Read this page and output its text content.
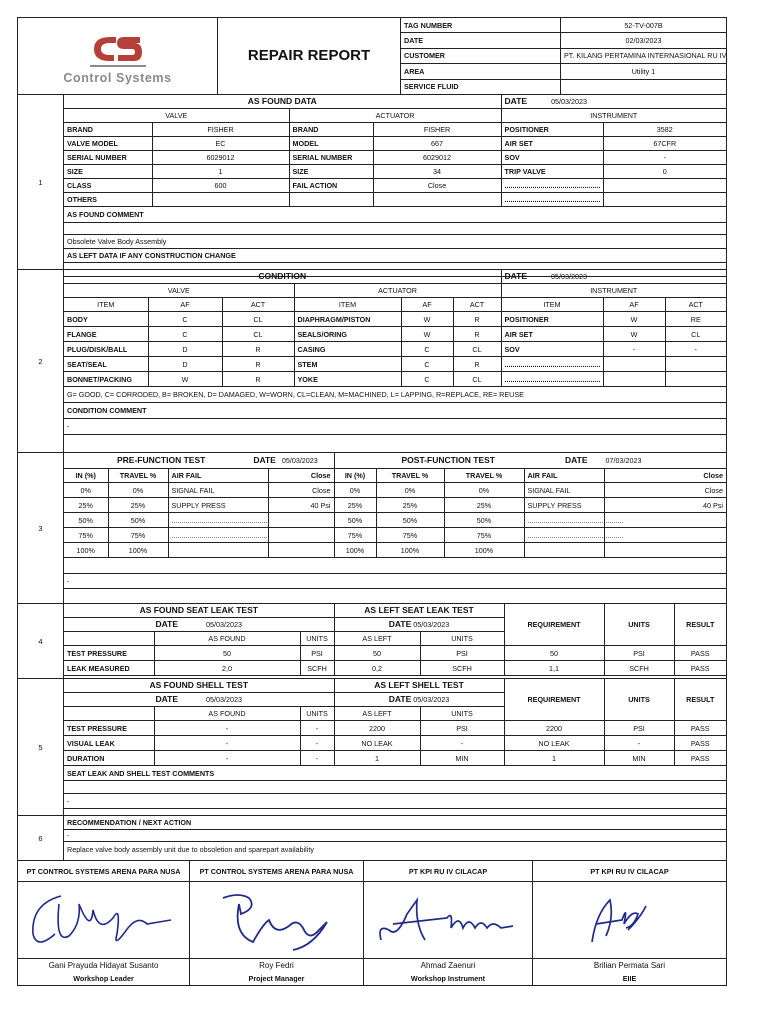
Control Systems	REPAIR REPORT	TAG NUMBER	52-TV-007B
		DATE	02/03/2023
		CUSTOMER	PT. KILANG PERTAMINA INTERNASIONAL RU IV
		AREA	Utility 1
		SERVICE FLUID	
1
AS FOUND DATA				DATE 05/03/2023	
VALVE		ACTUATOR		INSTRUMENT	
BRAND	FISHER	BRAND	FISHER	POSITIONER	3582
VALVE MODEL	EC	MODEL	667	AIR SET	67CFR
SERIAL NUMBER	6029012	SERIAL NUMBER	6029012	SOV	-
SIZE	1	SIZE	34	TRIP VALVE	0
CLASS	600	FAIL ACTION	Close	................................................	
OTHERS				................................................	
AS FOUND COMMENT

Obsolete Valve Body Assembly
AS LEFT DATA IF ANY CONSTRUCTION CHANGE
-

2
CONDITION						DATE 05/03/2023		
VALVE			ACTUATOR			INSTRUMENT		
ITEM	AF	ACT	ITEM	AF	ACT	ITEM	AF	ACT
BODY	C	CL	DIAPHRAGM/PISTON	W	R	POSITIONER	W	RE
FLANGE	C	CL	SEALS/ORING	W	R	AIR SET	W	CL
PLUG/DISK/BALL	D	R	CASING	C	CL	SOV	-	-
SEAT/SEAL	D	R	STEM	C	R	................................................		
BONNET/PACKING	W	R	YOKE	C	CL	................................................		
G= GOOD, C= CORRODED, B= BROKEN, D= DAMAGED, W=WORN, CL=CLEAN, M=MACHINED, L= LAPPING, R=REPLACE, RE= REUSE								
CONDITION COMMENT								
-								

3
PRE-FUNCTION TEST DATE 05/03/2023				POST-FUNCTION TEST DATE 07/03/2023				
IN (%)	TRAVEL %	AIR FAIL	Close	IN (%)	TRAVEL %	TRAVEL %	AIR FAIL	Close
0%	0%	SIGNAL FAIL	Close	0%	0%	0%	SIGNAL FAIL	Close
25%	25%	SUPPLY PRESS	40 Psi	25%	25%	25%	SUPPLY PRESS	40 Psi
50%	50%	................................................		50%	50%	50%	................................................	
75%	75%	................................................		75%	75%	75%	................................................	
100%	100%			100%	100%	100%		

-								

4
AS FOUND SEAT LEAK TEST			AS LEFT SEAT LEAK TEST		REQUIREMENT	UNITS	RESULT
DATE 05/03/2023			DATE 05/03/2023				
	AS FOUND	UNITS	AS LEFT	UNITS			
TEST PRESSURE	50	PSI	50	PSI	50	PSI	PASS
LEAK MEASURED	2,0	SCFH	0,2	SCFH	1,1	SCFH	PASS
5
AS FOUND SHELL TEST			AS LEFT SHELL TEST		REQUIREMENT	UNITS	RESULT
DATE 05/03/2023			DATE 05/03/2023				
	AS FOUND	UNITS	AS LEFT	UNITS			
TEST PRESSURE	-	-	2200	PSI	2200	PSI	PASS
VISUAL LEAK	-	-	NO LEAK	-	NO LEAK	-	PASS
DURATION	-	-	1	MIN	1	MIN	PASS
SEAT LEAK AND SHELL TEST COMMENTS							

-							

6
RECOMMENDATION / NEXT ACTION
-
Replace valve body assembly unit due to obsoletion and sparepart availability
PT CONTROL SYSTEMS ARENA PARA NUSA	PT CONTROL SYSTEMS ARENA PARA NUSA	PT KPI RU IV CILACAP	PT KPI RU IV CILACAP

Gani Prayuda Hidayat Susanto	Roy Fedri	Ahmad Zaenuri	Brilian Permata Sari
Workshop Leader	Project Manager	Workshop Instrument	EIIE
